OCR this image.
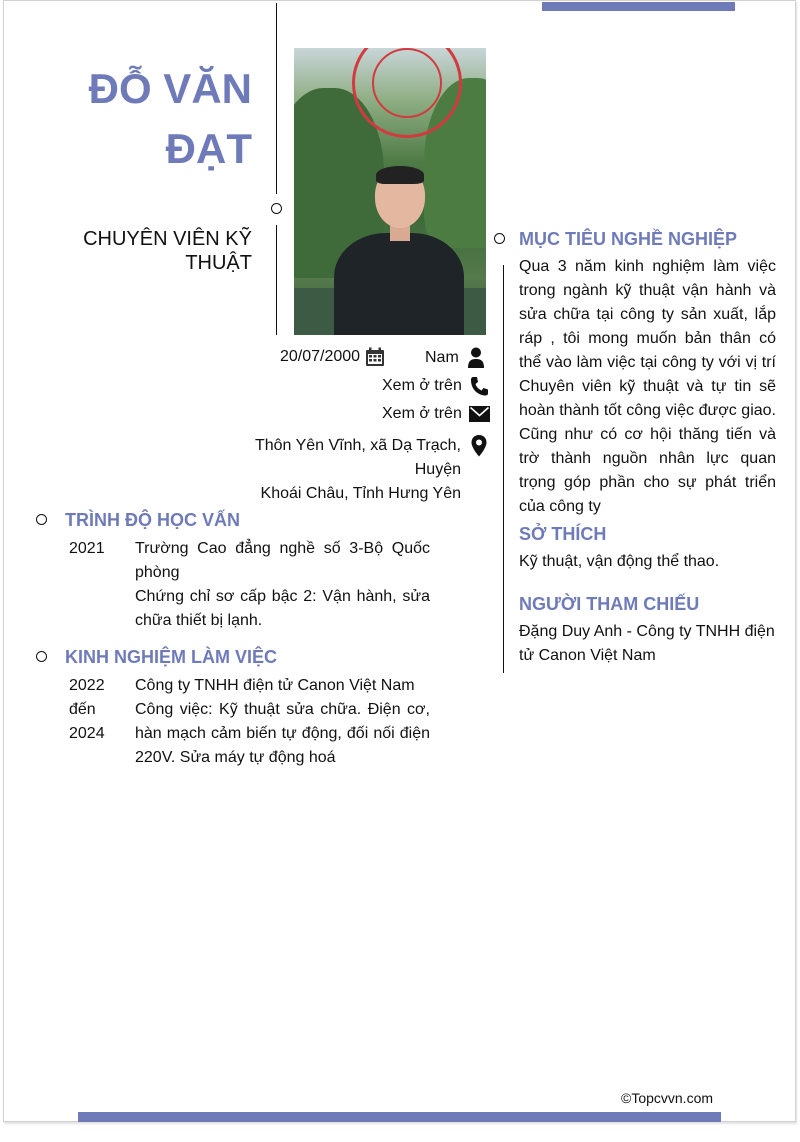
ĐỖ VĂN
ĐẠT
CHUYÊN VIÊN KỸ THUẬT
20/07/2000	Nam
Xem ở trên
Xem ở trên
Thôn Yên Vĩnh, xã Dạ Trạch, Huyện
Khoái Châu, Tỉnh Hưng Yên
MỤC TIÊU NGHỀ NGHIỆP
Qua 3 năm kinh nghiệm làm việc trong ngành kỹ thuật vận hành và sửa chữa tại công ty sản xuất, lắp ráp , tôi mong muốn bản thân có thể vào làm việc tại công ty với vị trí Chuyên viên kỹ thuật và tự tin sẽ hoàn thành tốt công việc được giao. Cũng như có cơ hội thăng tiến và trờ thành nguồn nhân lực quan trọng góp phần cho sự phát triển của công ty
SỞ THÍCH
Kỹ thuật, vận động thể thao.
NGƯỜI THAM CHIẾU
Đặng Duy Anh - Công ty TNHH điện tử Canon Việt Nam
TRÌNH ĐỘ HỌC VẤN
2021	Trường Cao đẳng nghề số 3-Bộ Quốc phòng
Chứng chỉ sơ cấp bậc 2: Vận hành, sửa chữa thiết bị lạnh.
KINH NGHIỆM LÀM VIỆC
2022 đến 2024
Công ty TNHH điện tử Canon Việt Nam
Công việc: Kỹ thuật sửa chữa. Điện cơ, hàn mạch cảm biến tự động, đối nối điện 220V. Sửa máy tự động hoá
©Topcvvn.com
